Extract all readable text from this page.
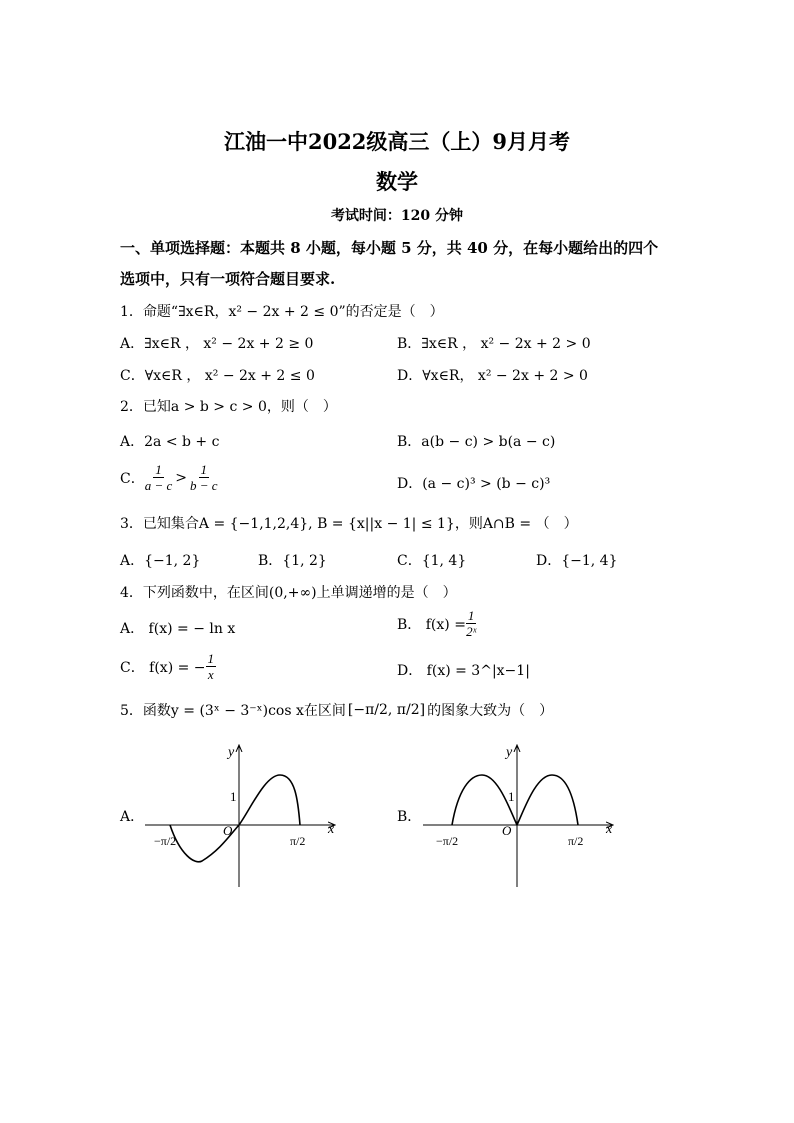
江油一中2022级高三（上）9月月考
数学
考试时间：120 分钟
一、单项选择题：本题共 8 小题，每小题 5 分，共 40 分，在每小题给出的四个
选项中，只有一项符合题目要求.
1．命题“∃x∈R，x² − 2x + 2 ≤ 0”的否定是（　）
A．∃x∈R ， x² − 2x + 2 ≥ 0	B．∃x∈R ， x² − 2x + 2 > 0
C．∀x∈R ， x² − 2x + 2 ≤ 0	D．∀x∈R， x² − 2x + 2 > 0
2．已知a > b > c > 0，则（　）
A．2a < b + c	B．a(b − c) > b(a − c)
C． $\frac{1}{a - c} > \frac{1}{b - c}$	D．(a − c)³ > (b − c)³
3．已知集合A = {−1,1,2,4}, B = {x||x − 1| ≤ 1}，则A∩B = （　）
A．{−1, 2}	B．{1, 2}	C．{1, 4}	D．{−1, 4}
4．下列函数中，在区间(0,+∞)上单调递增的是（　）
A． f(x) = − ln x	B． $f(x) = \frac{1}{\text{2ˣ}}$
C． f(x) = − $\frac{1}{x}$	D． f(x) = 3^|x−1|
5．函数y = (3ˣ − 3⁻ˣ)cos x在区间 [−π/2, π/2] 的图象大致为（　）
A．
y
x
O
1
−π/2	π/2
B．
y
x
O
1
−π/2	π/2
